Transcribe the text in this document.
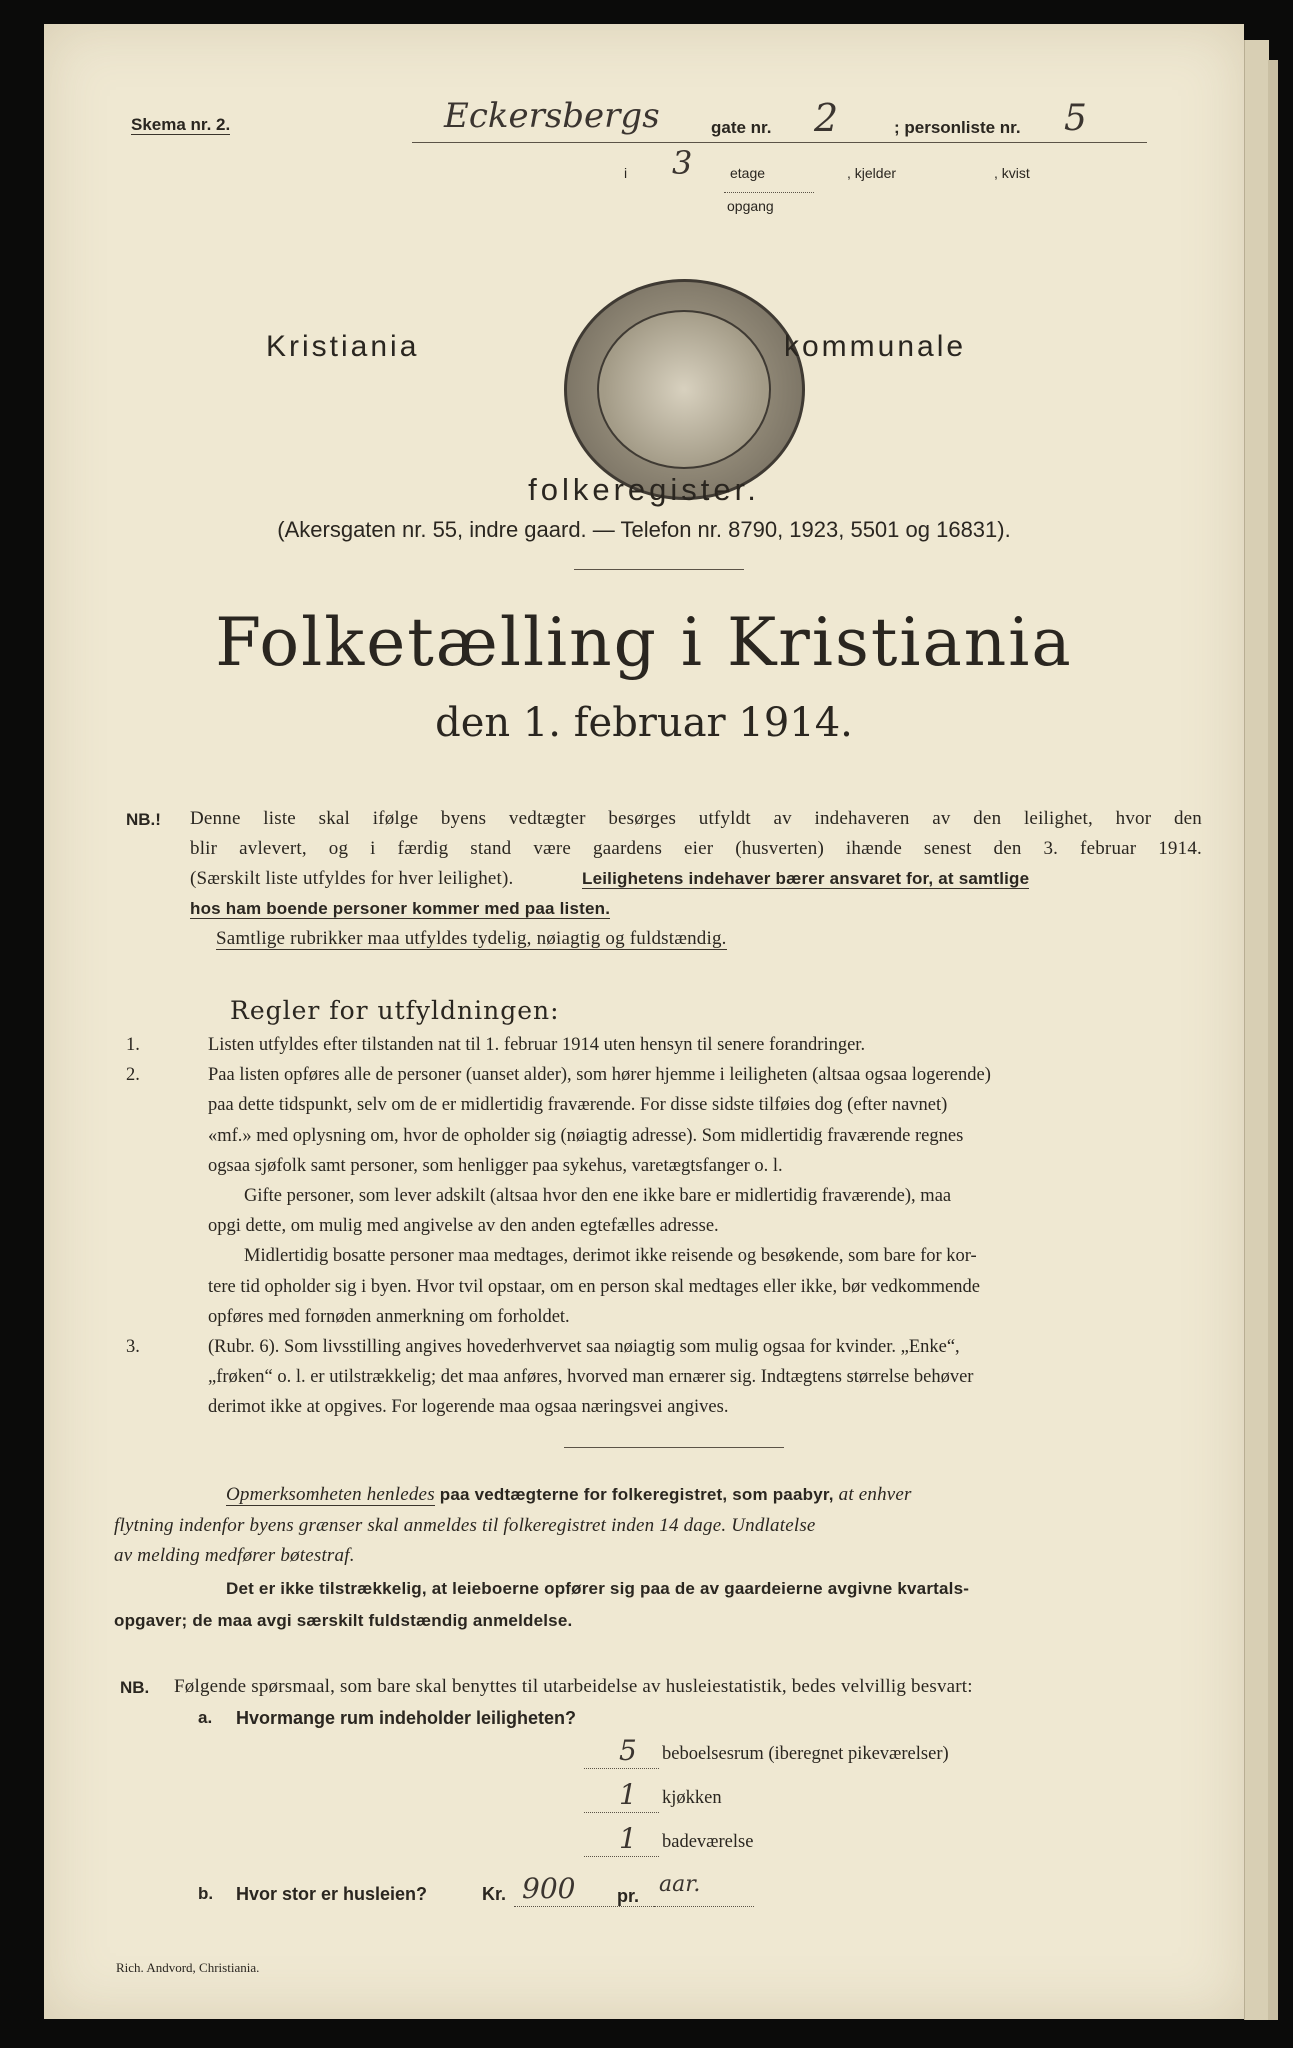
Skema nr. 2.	Eckersbergs	gate nr. 2	; personliste nr. 5
i 3	etage	, kjelder	, kvist
opgang
Kristiania	kommunale
folkeregister.
(Akersgaten nr. 55, indre gaard. — Telefon nr. 8790, 1923, 5501 og 16831).
Folketælling i Kristiania
den 1. februar 1914.
NB.! Denne liste skal ifølge byens vedtægter besørges utfyldt av indehaveren av den leilighet, hvor den
blir avlevert, og i færdig stand være gaardens eier (husverten) ihænde senest den 3. februar 1914.
(Særskilt liste utfyldes for hver leilighet).	Leilighetens indehaver bærer ansvaret for, at samtlige
hos ham boende personer kommer med paa listen.
Samtlige rubrikker maa utfyldes tydelig, nøiagtig og fuldstændig.
Regler for utfyldningen:
1.	Listen utfyldes efter tilstanden nat til 1. februar 1914 uten hensyn til senere forandringer.
2.	Paa listen opføres alle de personer (uanset alder), som hører hjemme i leiligheten (altsaa ogsaa logerende)
paa dette tidspunkt, selv om de er midlertidig fraværende. For disse sidste tilføies dog (efter navnet)
«mf.» med oplysning om, hvor de opholder sig (nøiagtig adresse). Som midlertidig fraværende regnes
ogsaa sjøfolk samt personer, som henligger paa sykehus, varetægtsfanger o. l.
Gifte personer, som lever adskilt (altsaa hvor den ene ikke bare er midlertidig fraværende), maa
opgi dette, om mulig med angivelse av den anden egtefælles adresse.
Midlertidig bosatte personer maa medtages, derimot ikke reisende og besøkende, som bare for kor-
tere tid opholder sig i byen. Hvor tvil opstaar, om en person skal medtages eller ikke, bør vedkommende
opføres med fornøden anmerkning om forholdet.
3.	(Rubr. 6). Som livsstilling angives hovederhvervet saa nøiagtig som mulig ogsaa for kvinder. „Enke“,
„frøken“ o. l. er utilstrækkelig; det maa anføres, hvorved man ernærer sig. Indtægtens størrelse behøver
derimot ikke at opgives. For logerende maa ogsaa næringsvei angives.
Opmerksomheten henledes paa vedtægterne for folkeregistret, som paabyr, at enhver
flytning indenfor byens grænser skal anmeldes til folkeregistret inden 14 dage. Undlatelse
av melding medfører bøtestraf.
Det er ikke tilstrækkelig, at leieboerne opfører sig paa de av gaardeierne avgivne kvartals-
opgaver; de maa avgi særskilt fuldstændig anmeldelse.
NB. Følgende spørsmaal, som bare skal benyttes til utarbeidelse av husleiestatistik, bedes velvillig besvart:
a. Hvormange rum indeholder leiligheten?
5 beboelsesrum (iberegnet pikeværelser)
1 kjøkken
1 badeværelse
b. Hvor stor er husleien?	Kr. 900 pr. aar.
Rich. Andvord, Christiania.
